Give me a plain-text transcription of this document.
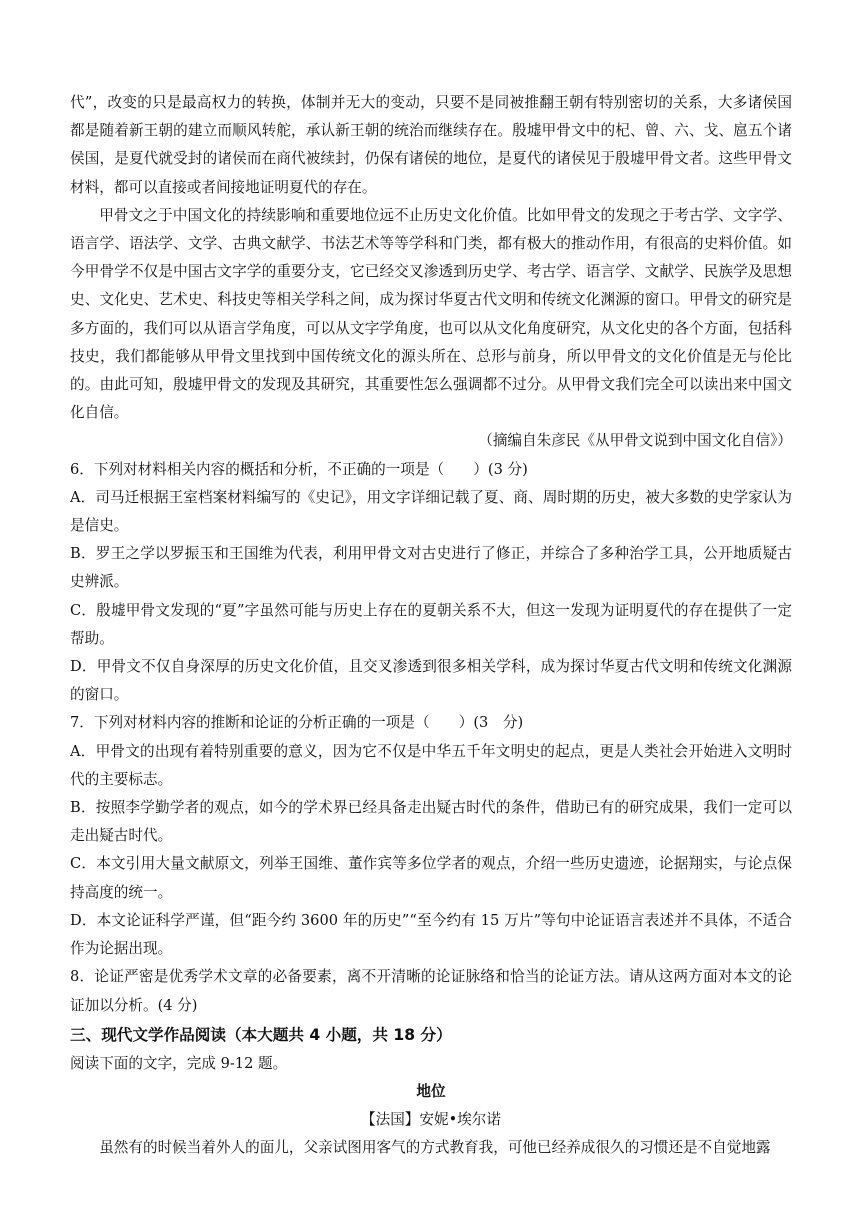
代”，改变的只是最高权力的转换，体制并无大的变动，只要不是同被推翻王朝有特别密切的关系，大多诸侯国都是随着新王朝的建立而顺风转舵，承认新王朝的统治而继续存在。殷墟甲骨文中的杞、曾、六、戈、扈五个诸侯国，是夏代就受封的诸侯而在商代被续封，仍保有诸侯的地位，是夏代的诸侯见于殷墟甲骨文者。这些甲骨文材料，都可以直接或者间接地证明夏代的存在。

甲骨文之于中国文化的持续影响和重要地位远不止历史文化价值。比如甲骨文的发现之于考古学、文字学、语言学、语法学、文学、古典文献学、书法艺术等等学科和门类，都有极大的推动作用，有很高的史料价值。如今甲骨学不仅是中国古文字学的重要分支，它已经交叉渗透到历史学、考古学、语言学、文献学、民族学及思想史、文化史、艺术史、科技史等相关学科之间，成为探讨华夏古代文明和传统文化渊源的窗口。甲骨文的研究是多方面的，我们可以从语言学角度，可以从文字学角度，也可以从文化角度研究，从文化史的各个方面，包括科技史，我们都能够从甲骨文里找到中国传统文化的源头所在、总形与前身，所以甲骨文的文化价值是无与伦比的。由此可知，殷墟甲骨文的发现及其研究，其重要性怎么强调都不过分。从甲骨文我们完全可以读出来中国文化自信。

（摘编自朱彦民《从甲骨文说到中国文化自信》）

6．下列对材料相关内容的概括和分析，不正确的一项是（　　）(3 分)

A．司马迁根据王室档案材料编写的《史记》，用文字详细记载了夏、商、周时期的历史，被大多数的史学家认为是信史。

B．罗王之学以罗振玉和王国维为代表，利用甲骨文对古史进行了修正，并综合了多种治学工具，公开地质疑古史辨派。

C．殷墟甲骨文发现的“夏”字虽然可能与历史上存在的夏朝关系不大，但这一发现为证明夏代的存在提供了一定帮助。

D．甲骨文不仅自身深厚的历史文化价值，且交叉渗透到很多相关学科，成为探讨华夏古代文明和传统文化渊源的窗口。

7．下列对材料内容的推断和论证的分析正确的一项是（　　）(3　分)

A．甲骨文的出现有着特别重要的意义，因为它不仅是中华五千年文明史的起点，更是人类社会开始进入文明时代的主要标志。

B．按照李学勤学者的观点，如今的学术界已经具备走出疑古时代的条件，借助已有的研究成果，我们一定可以走出疑古时代。

C．本文引用大量文献原文，列举王国维、董作宾等多位学者的观点，介绍一些历史遗迹，论据翔实，与论点保持高度的统一。

D．本文论证科学严谨，但“距今约 3600 年的历史”“至今约有 15 万片”等句中论证语言表述并不具体，不适合作为论据出现。

8．论证严密是优秀学术文章的必备要素，离不开清晰的论证脉络和恰当的论证方法。请从这两方面对本文的论证加以分析。(4 分)

三、现代文学作品阅读（本大题共 4 小题，共 18 分）

阅读下面的文字，完成 9-12 题。

地位

【法国】安妮•埃尔诺

虽然有的时候当着外人的面儿，父亲试图用客气的方式教育我，可他已经养成很久的习惯还是不自觉地露
